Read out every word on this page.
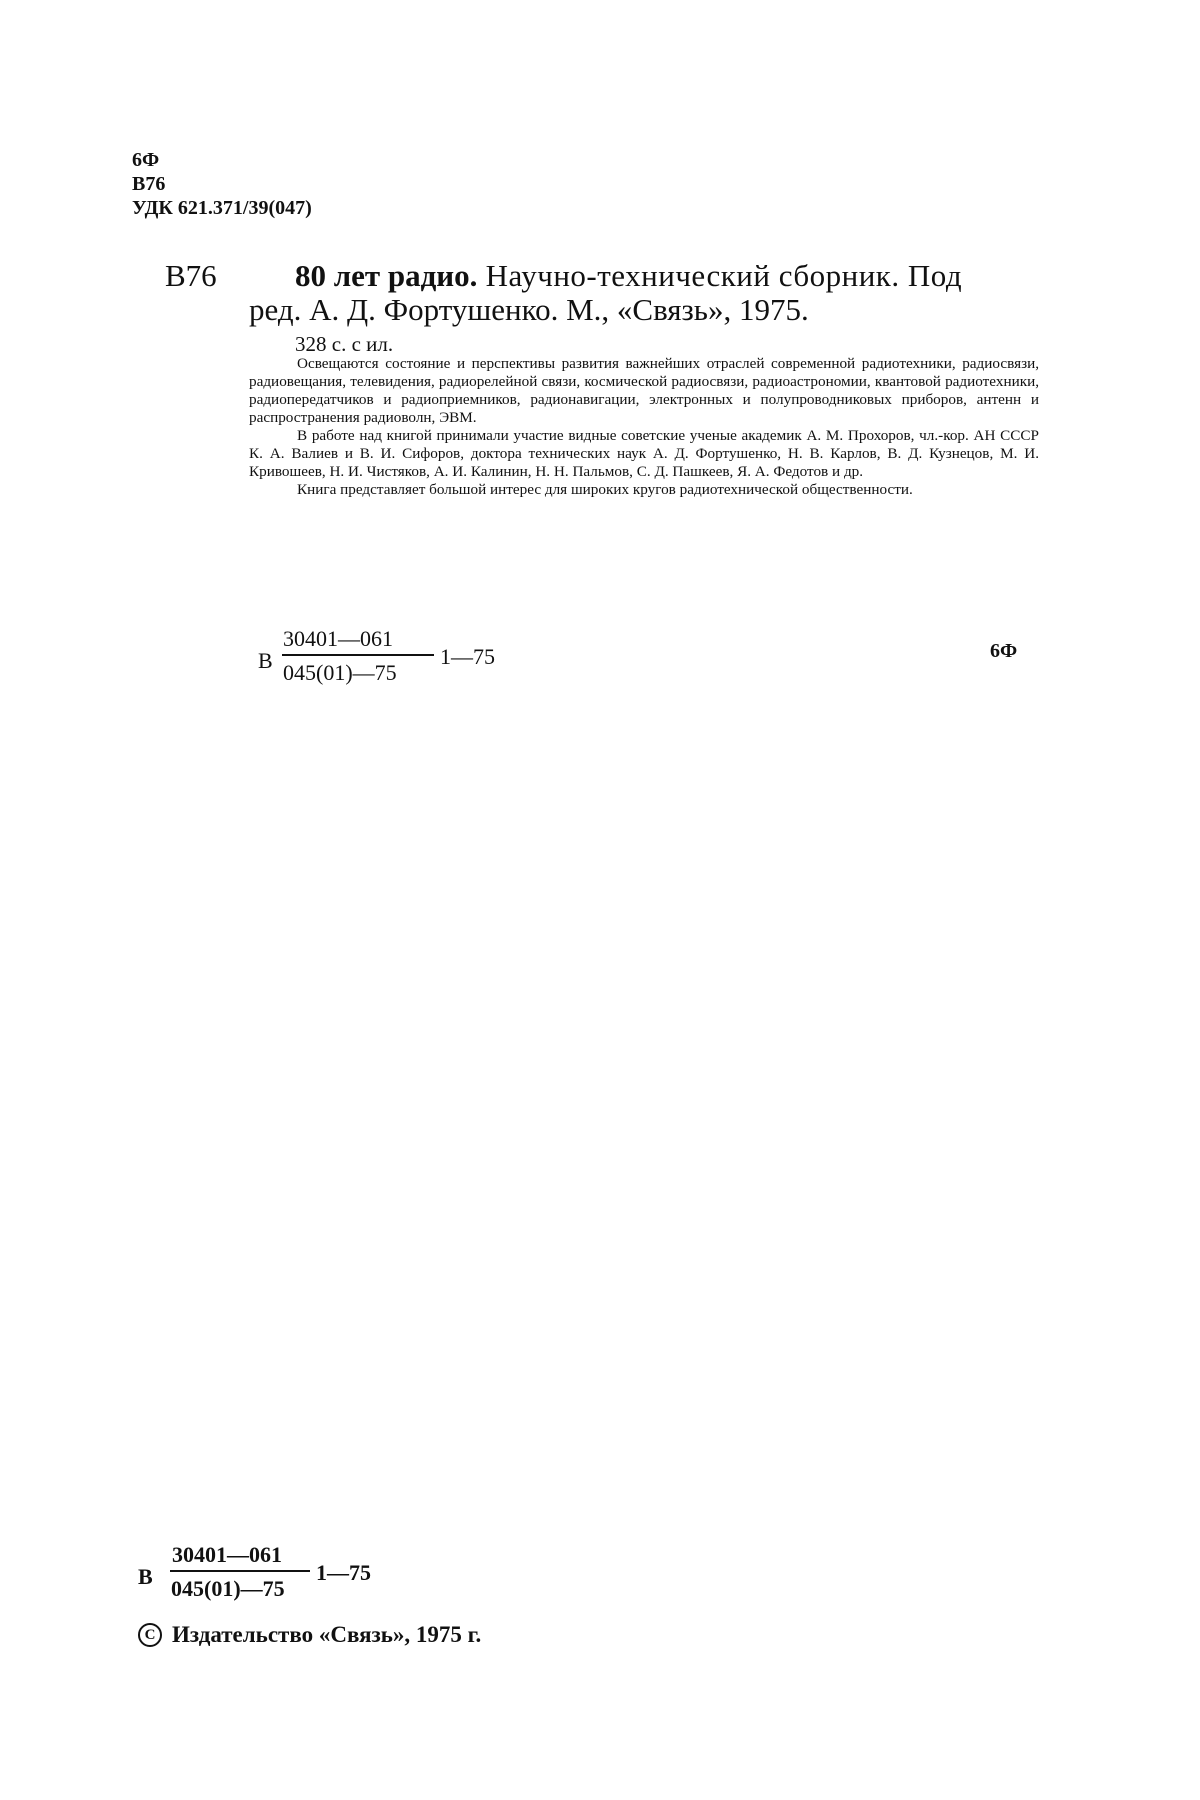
6Ф
В76
УДК 621.371/39(047)
В76	80 лет радио. Научно-технический сборник. Под
ред. А. Д. Фортушенко. М., «Связь», 1975.
328 с. с ил.

Освещаются состояние и перспективы развития важнейших отраслей современной радиотехники, радиосвязи, радиовещания, телевидения, радиорелейной связи, космической радиосвязи, радиоастрономии, квантовой радиотехники, радиопередатчиков и радиоприемников, радионавигации, электронных и полупроводниковых приборов, антенн и распространения радиоволн, ЭВМ.

В работе над книгой принимали участие видные советские ученые академик А. М. Прохоров, чл.-кор. АН СССР К. А. Валиев и В. И. Сифоров, доктора технических наук А. Д. Фортушенко, Н. В. Карлов, В. Д. Кузнецов, М. И. Кривошеев, Н. И. Чистяков, А. И. Калинин, Н. Н. Пальмов, С. Д. Пашкеев, Я. А. Федотов и др.

Книга представляет большой интерес для широких кругов радиотехнической общественности.

В
30401—061
045(01)—75
1—75	6Ф
В
30401—061
045(01)—75
1—75
C Издательство «Связь», 1975 г.
